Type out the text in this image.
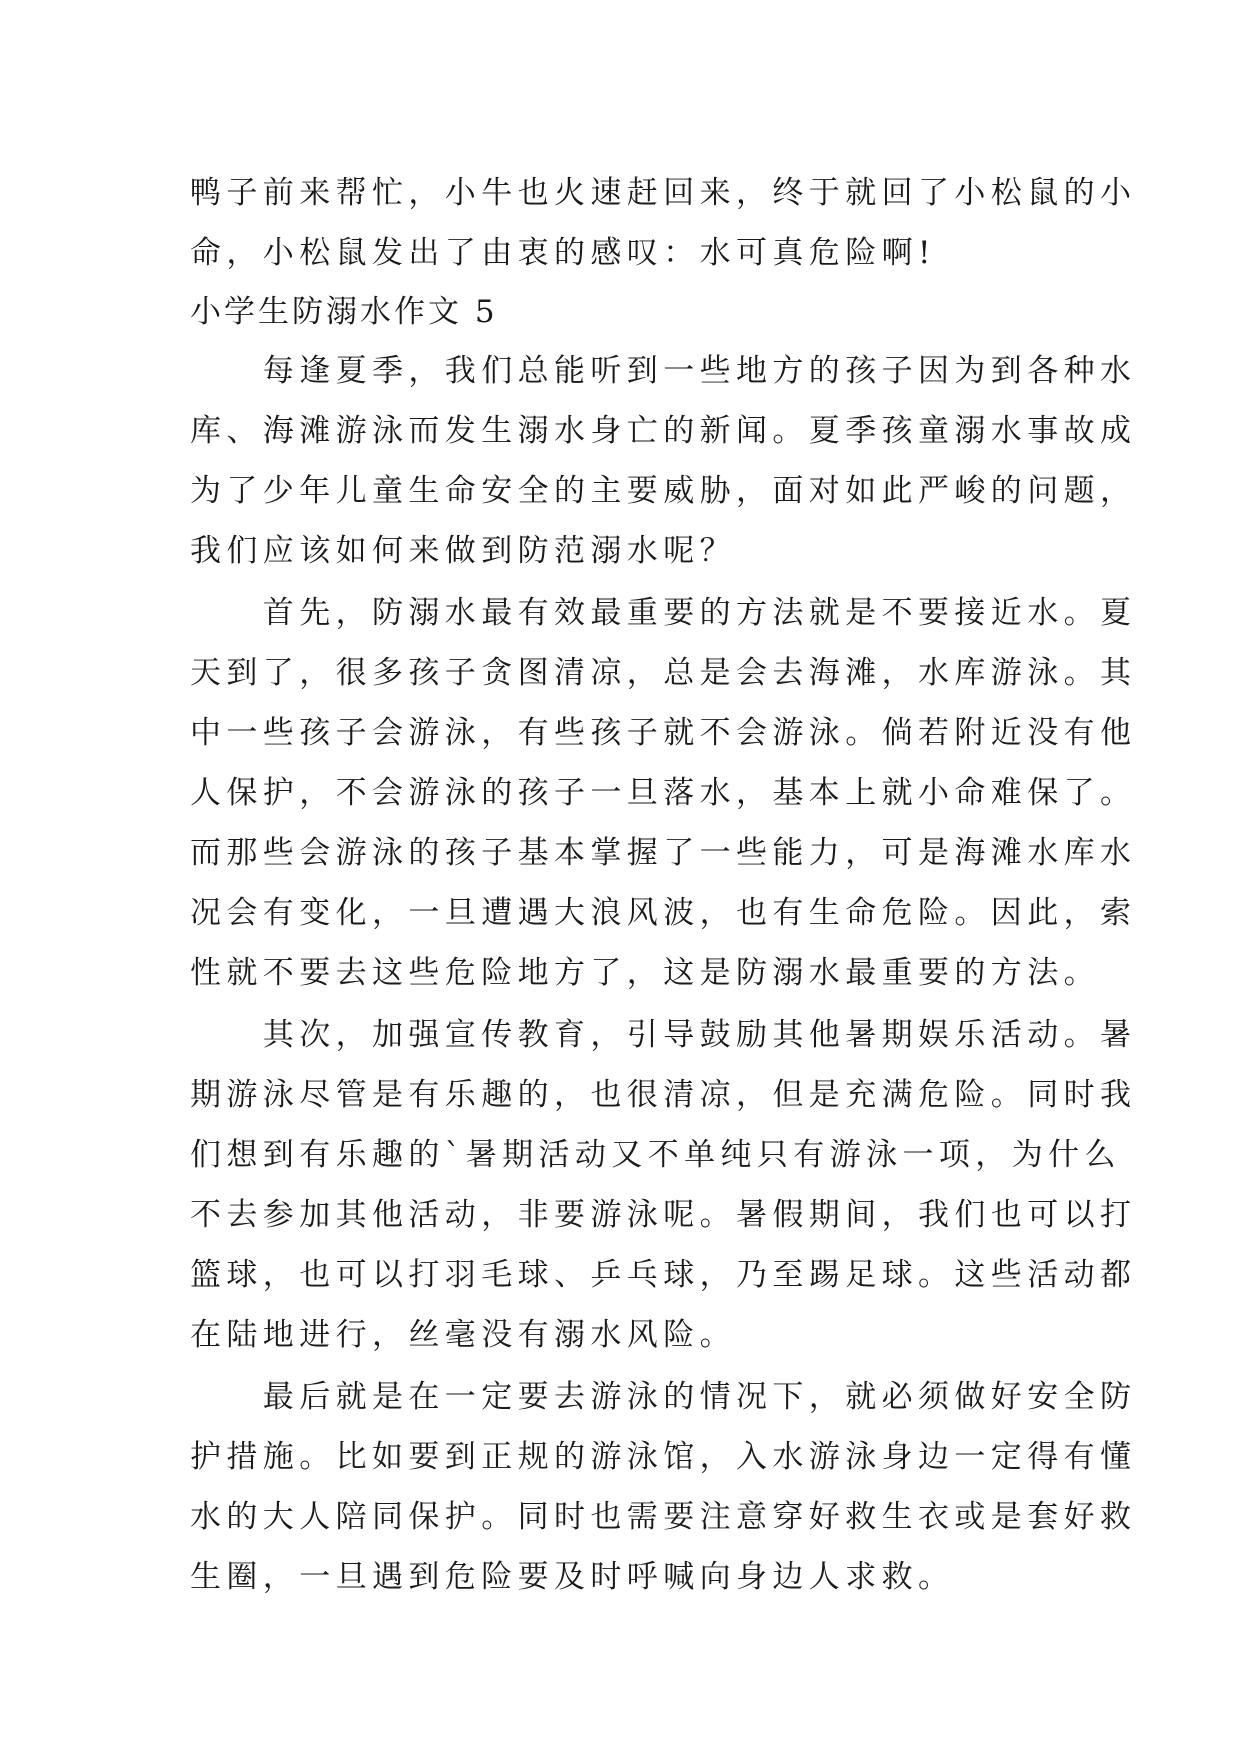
鸭子前来帮忙，小牛也火速赶回来，终于就回了小松鼠的小
命，小松鼠发出了由衷的感叹：水可真危险啊!
小学生防溺水作文 5
　　每逢夏季，我们总能听到一些地方的孩子因为到各种水
库、海滩游泳而发生溺水身亡的新闻。夏季孩童溺水事故成
为了少年儿童生命安全的主要威胁，面对如此严峻的问题，
我们应该如何来做到防范溺水呢？
　　首先，防溺水最有效最重要的方法就是不要接近水。夏
天到了，很多孩子贪图清凉，总是会去海滩，水库游泳。其
中一些孩子会游泳，有些孩子就不会游泳。倘若附近没有他
人保护，不会游泳的孩子一旦落水，基本上就小命难保了。
而那些会游泳的孩子基本掌握了一些能力，可是海滩水库水
况会有变化，一旦遭遇大浪风波，也有生命危险。因此，索
性就不要去这些危险地方了，这是防溺水最重要的方法。
　　其次，加强宣传教育，引导鼓励其他暑期娱乐活动。暑
期游泳尽管是有乐趣的，也很清凉，但是充满危险。同时我
们想到有乐趣的`暑期活动又不单纯只有游泳一项，为什么
不去参加其他活动，非要游泳呢。暑假期间，我们也可以打
篮球，也可以打羽毛球、乒乓球，乃至踢足球。这些活动都
在陆地进行，丝毫没有溺水风险。
　　最后就是在一定要去游泳的情况下，就必须做好安全防
护措施。比如要到正规的游泳馆，入水游泳身边一定得有懂
水的大人陪同保护。同时也需要注意穿好救生衣或是套好救
生圈，一旦遇到危险要及时呼喊向身边人求救。
